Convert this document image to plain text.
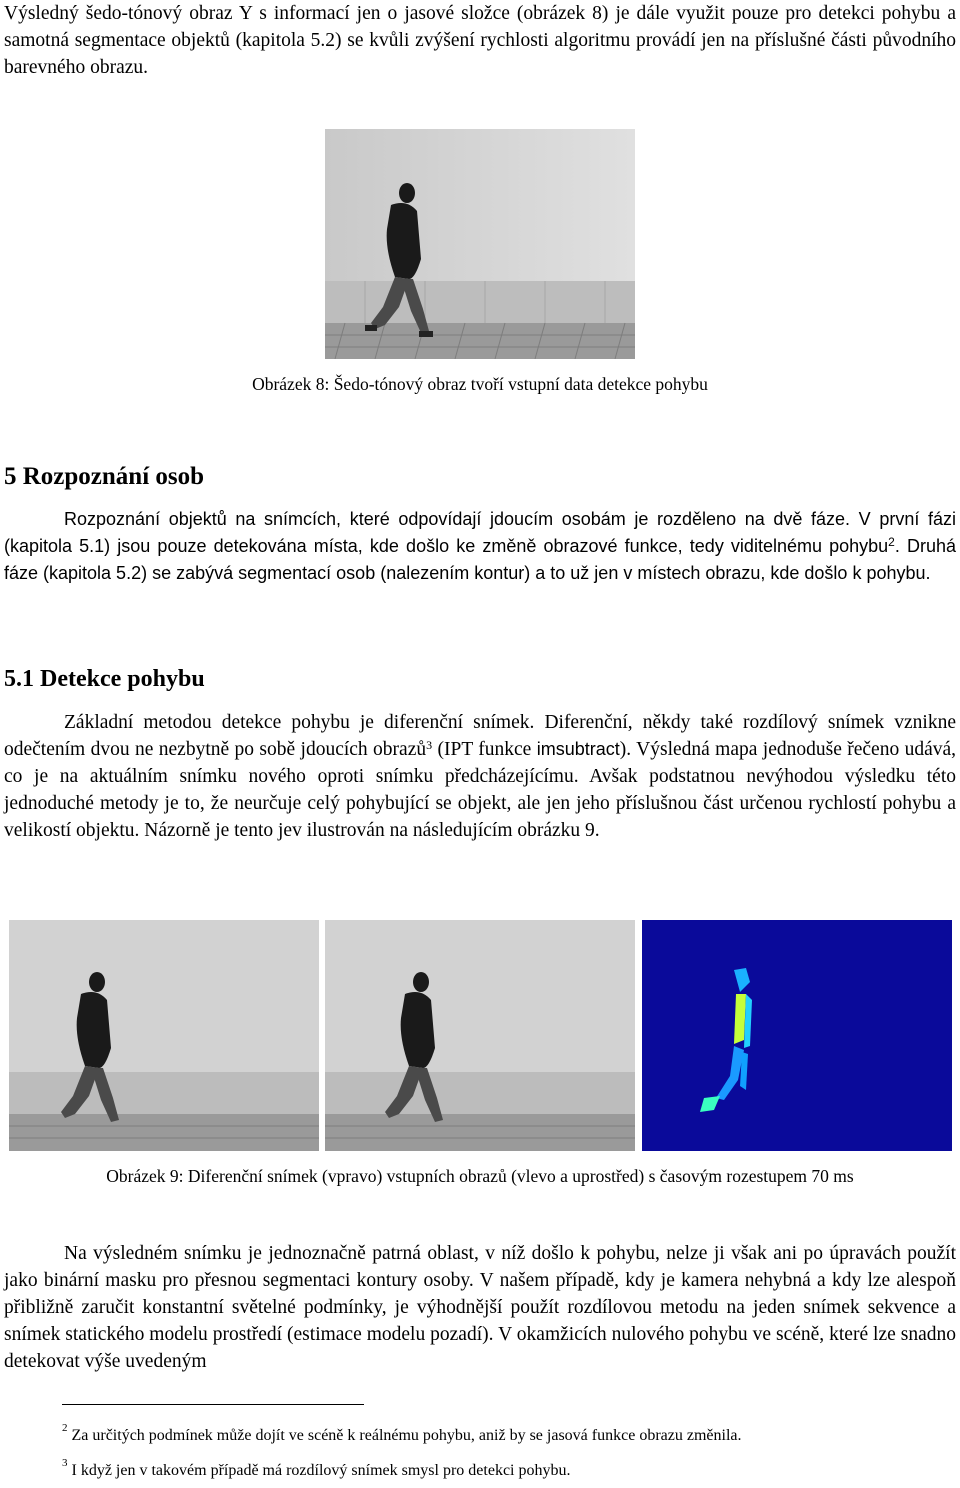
Výsledný šedo-tónový obraz Y s informací jen o jasové složce (obrázek 8) je dále využit pouze pro detekci pohybu a samotná segmentace objektů (kapitola 5.2) se kvůli zvýšení rychlosti algoritmu provádí jen na příslušné části původního barevného obrazu.

Obrázek 8: Šedo-tónový obraz tvoří vstupní data detekce pohybu

5 Rozpoznání osob

Rozpoznání objektů na snímcích, které odpovídají jdoucím osobám je rozděleno na dvě fáze. V první fázi (kapitola 5.1) jsou pouze detekována místa, kde došlo ke změně obrazové funkce, tedy viditelnému pohybu$^2$. Druhá fáze (kapitola 5.2) se zabývá segmentací osob (nalezením kontur) a to už jen v místech obrazu, kde došlo k pohybu.

5.1 Detekce pohybu

Základní metodou detekce pohybu je diferenční snímek. Diferenční, někdy také rozdílový snímek vznikne odečtením dvou ne nezbytně po sobě jdoucích obrazů$^3$ (IPT funkce imsubtract). Výsledná mapa jednoduše řečeno udává, co je na aktuálním snímku nového oproti snímku předcházejícímu. Avšak podstatnou nevýhodou výsledku této jednoduché metody je to, že neurčuje celý pohybující se objekt, ale jen jeho příslušnou část určenou rychlostí pohybu a velikostí objektu. Názorně je tento jev ilustrován na následujícím obrázku 9.

Obrázek 9: Diferenční snímek (vpravo) vstupních obrazů (vlevo a uprostřed) s časovým rozestupem 70 ms

Na výsledném snímku je jednoznačně patrná oblast, v níž došlo k pohybu, nelze ji však ani po úpravách použít jako binární masku pro přesnou segmentaci kontury osoby. V našem případě, kdy je kamera nehybná a kdy lze alespoň přibližně zaručit konstantní světelné podmínky, je výhodnější použít rozdílovou metodu na jeden snímek sekvence a snímek statického modelu prostředí (estimace modelu pozadí). V okamžicích nulového pohybu ve scéně, které lze snadno detekovat výše uvedeným

$^2$ Za určitých podmínek může dojít ve scéně k reálnému pohybu, aniž by se jasová funkce obrazu změnila.

$^3$ I když jen v takovém případě má rozdílový snímek smysl pro detekci pohybu.
